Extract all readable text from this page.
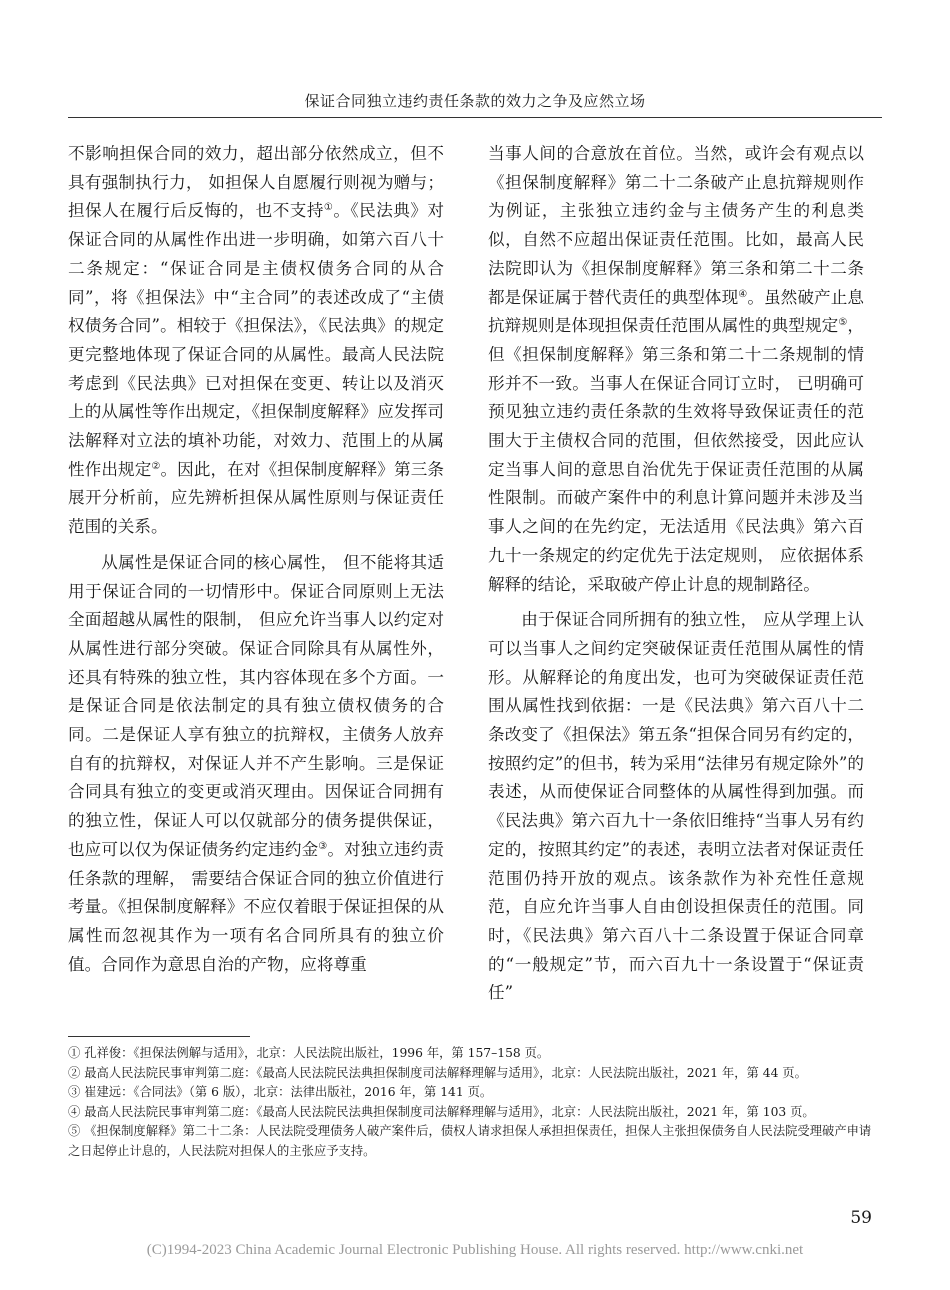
保证合同独立违约责任条款的效力之争及应然立场

不影响担保合同的效力，超出部分依然成立，但不具有强制执行力， 如担保人自愿履行则视为赠与；担保人在履行后反悔的，也不支持①。《民法典》对保证合同的从属性作出进一步明确，如第六百八十二条规定：“保证合同是主债权债务合同的从合同”，将《担保法》中“主合同”的表述改成了“主债权债务合同”。相较于《担保法》，《民法典》的规定更完整地体现了保证合同的从属性。最高人民法院考虑到《民法典》已对担保在变更、转让以及消灭上的从属性等作出规定，《担保制度解释》应发挥司法解释对立法的填补功能，对效力、范围上的从属性作出规定②。因此，在对《担保制度解释》第三条展开分析前，应先辨析担保从属性原则与保证责任范围的关系。

从属性是保证合同的核心属性， 但不能将其适用于保证合同的一切情形中。保证合同原则上无法全面超越从属性的限制， 但应允许当事人以约定对从属性进行部分突破。保证合同除具有从属性外，还具有特殊的独立性，其内容体现在多个方面。一是保证合同是依法制定的具有独立债权债务的合同。二是保证人享有独立的抗辩权，主债务人放弃自有的抗辩权，对保证人并不产生影响。三是保证合同具有独立的变更或消灭理由。因保证合同拥有的独立性，保证人可以仅就部分的债务提供保证， 也应可以仅为保证债务约定违约金③。对独立违约责任条款的理解， 需要结合保证合同的独立价值进行考量。《担保制度解释》不应仅着眼于保证担保的从属性而忽视其作为一项有名合同所具有的独立价值。合同作为意思自治的产物，应将尊重

当事人间的合意放在首位。当然，或许会有观点以《担保制度解释》第二十二条破产止息抗辩规则作为例证，主张独立违约金与主债务产生的利息类似，自然不应超出保证责任范围。比如，最高人民法院即认为《担保制度解释》第三条和第二十二条都是保证属于替代责任的典型体现④。虽然破产止息抗辩规则是体现担保责任范围从属性的典型规定⑤，但《担保制度解释》第三条和第二十二条规制的情形并不一致。当事人在保证合同订立时， 已明确可预见独立违约责任条款的生效将导致保证责任的范围大于主债权合同的范围，但依然接受，因此应认定当事人间的意思自治优先于保证责任范围的从属性限制。而破产案件中的利息计算问题并未涉及当事人之间的在先约定，无法适用《民法典》第六百九十一条规定的约定优先于法定规则， 应依据体系解释的结论，采取破产停止计息的规制路径。

由于保证合同所拥有的独立性， 应从学理上认可以当事人之间约定突破保证责任范围从属性的情形。从解释论的角度出发，也可为突破保证责任范围从属性找到依据：一是《民法典》第六百八十二条改变了《担保法》第五条“担保合同另有约定的，按照约定”的但书，转为采用“法律另有规定除外”的表述，从而使保证合同整体的从属性得到加强。而《民法典》第六百九十一条依旧维持“当事人另有约定的，按照其约定”的表述，表明立法者对保证责任范围仍持开放的观点。该条款作为补充性任意规范，自应允许当事人自由创设担保责任的范围。同时，《民法典》第六百八十二条设置于保证合同章的“一般规定”节，而六百九十一条设置于“保证责任”

① 孔祥俊：《担保法例解与适用》，北京：人民法院出版社，1996 年，第 157–158 页。
② 最高人民法院民事审判第二庭：《最高人民法院民法典担保制度司法解释理解与适用》，北京：人民法院出版社，2021 年，第 44 页。
③ 崔建远：《合同法》（第 6 版），北京：法律出版社，2016 年，第 141 页。
④ 最高人民法院民事审判第二庭：《最高人民法院民法典担保制度司法解释理解与适用》，北京：人民法院出版社，2021 年，第 103 页。
⑤ 《担保制度解释》第二十二条：人民法院受理债务人破产案件后，债权人请求担保人承担担保责任，担保人主张担保债务自人民法院受理破产申请之日起停止计息的，人民法院对担保人的主张应予支持。
59
(C)1994-2023 China Academic Journal Electronic Publishing House. All rights reserved. http://www.cnki.net
